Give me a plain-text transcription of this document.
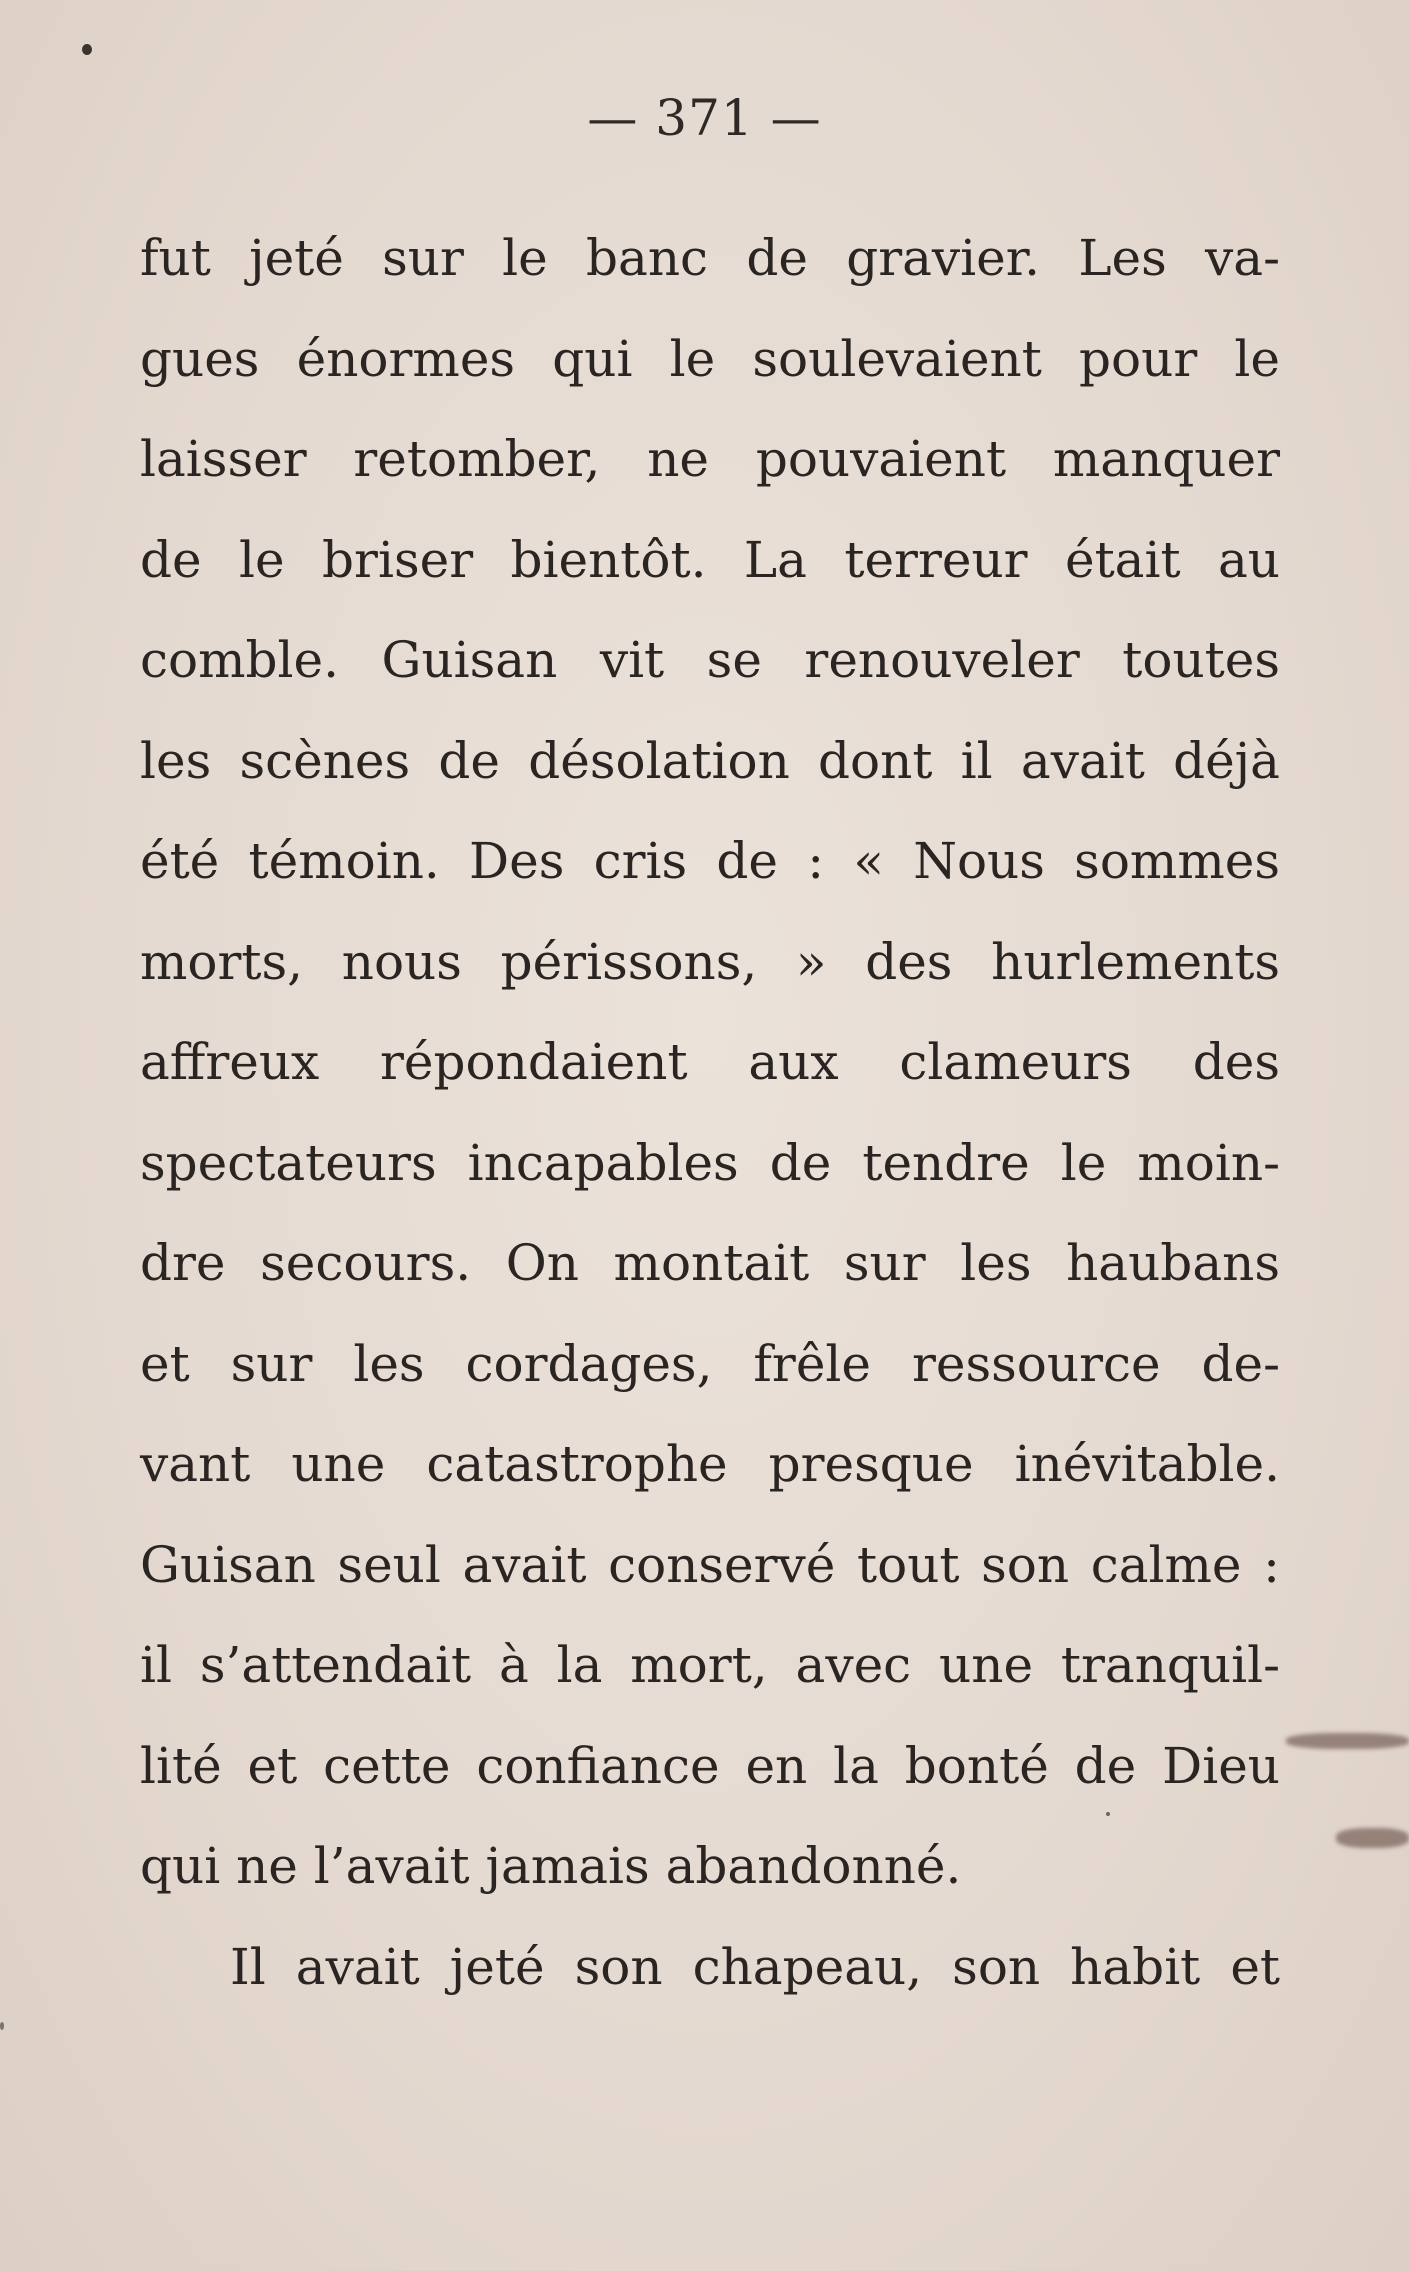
— 371 —
fut jeté sur le banc de gravier. Les va-
gues énormes qui le soulevaient pour le
laisser retomber, ne pouvaient manquer
de le briser bientôt. La terreur était au
comble. Guisan vit se renouveler toutes
les scènes de désolation dont il avait déjà
été témoin. Des cris de : « Nous sommes
morts, nous périssons, » des hurlements
affreux répondaient aux clameurs des
spectateurs incapables de tendre le moin-
dre secours. On montait sur les haubans
et sur les cordages, frêle ressource de-
vant une catastrophe presque inévitable.
Guisan seul avait conservé tout son calme :
il s’attendait à la mort, avec une tranquil-
lité et cette confiance en la bonté de Dieu
qui ne l’avait jamais abandonné.
Il avait jeté son chapeau, son habit et
